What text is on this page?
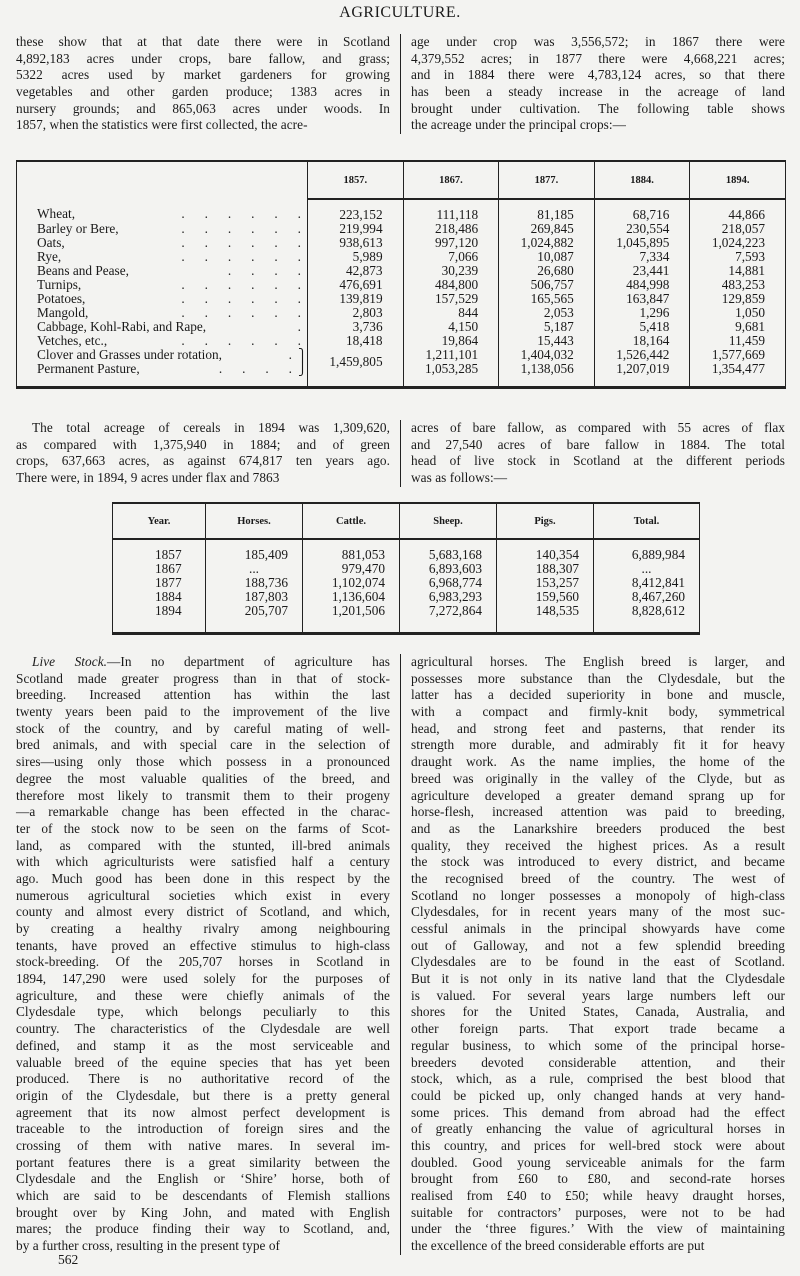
AGRICULTURE.
these show that at that date there were in Scotland
4,892,183 acres under crops, bare fallow, and grass;
5322 acres used by market gardeners for growing
vegetables and other garden produce; 1383 acres in
nursery grounds; and 865,063 acres under woods. In
1857, when the statistics were first collected, the acre-
age under crop was 3,556,572; in 1867 there were
4,379,552 acres; in 1877 there were 4,668,221 acres;
and in 1884 there were 4,783,124 acres, so that there
has been a steady increase in the acreage of land
brought under cultivation. The following table shows
the acreage under the principal crops:—
	1857.	1867.	1877.	1884.	1894.
Wheat, .      .      .      .      .      .	223,152	111,118	81,185	68,716	44,866
Barley or Bere, .      .      .      .      .      .	219,994	218,486	269,845	230,554	218,057
Oats, .      .      .      .      .      .	938,613	997,120	1,024,882	1,045,895	1,024,223
Rye, .      .      .      .      .      .	5,989	7,066	10,087	7,334	7,593
Beans and Pease, .      .      .      .	42,873	30,239	26,680	23,441	14,881
Turnips, .      .      .      .      .      .	476,691	484,800	506,757	484,998	483,253
Potatoes, .      .      .      .      .      .	139,819	157,529	165,565	163,847	129,859
Mangold, .      .      .      .      .      .	2,803	844	2,053	1,296	1,050
Cabbage, Kohl-Rabi, and Rape, .	3,736	4,150	5,187	5,418	9,681
Vetches, etc., .      .      .      .      .      .	18,418	19,864	15,443	18,164	11,459

⎫
Clover and Grasses under rotation, .	1,459,805	1,211,101	1,404,032	1,526,442	1,577,669

⎭
Permanent Pasture, .      .      .      .		1,053,285	1,138,056	1,207,019	1,354,477

The total acreage of cereals in 1894 was 1,309,620,
as compared with 1,375,940 in 1884; and of green
crops, 637,663 acres, as against 674,817 ten years ago.
There were, in 1894, 9 acres under flax and 7863
acres of bare fallow, as compared with 55 acres of flax
and 27,540 acres of bare fallow in 1884. The total
head of live stock in Scotland at the different periods
was as follows:—
Year.	Horses.	Cattle.	Sheep.	Pigs.	Total.
1857	185,409	881,053	5,683,168	140,354	6,889,984
1867	...	979,470	6,893,603	188,307	...
1877	188,736	1,102,074	6,968,774	153,257	8,412,841
1884	187,803	1,136,604	6,983,293	159,560	8,467,260
1894	205,707	1,201,506	7,272,864	148,535	8,828,612

Live Stock.—In no department of agriculture has
Scotland made greater progress than in that of stock-
breeding. Increased attention has within the last
twenty years been paid to the improvement of the live
stock of the country, and by careful mating of well-
bred animals, and with special care in the selection of
sires—using only those which possess in a pronounced
degree the most valuable qualities of the breed, and
therefore most likely to transmit them to their progeny
—a remarkable change has been effected in the charac-
ter of the stock now to be seen on the farms of Scot-
land, as compared with the stunted, ill-bred animals
with which agriculturists were satisfied half a century
ago. Much good has been done in this respect by the
numerous agricultural societies which exist in every
county and almost every district of Scotland, and which,
by creating a healthy rivalry among neighbouring
tenants, have proved an effective stimulus to high-class
stock-breeding. Of the 205,707 horses in Scotland in
1894, 147,290 were used solely for the purposes of
agriculture, and these were chiefly animals of the
Clydesdale type, which belongs peculiarly to this
country. The characteristics of the Clydesdale are well
defined, and stamp it as the most serviceable and
valuable breed of the equine species that has yet been
produced. There is no authoritative record of the
origin of the Clydesdale, but there is a pretty general
agreement that its now almost perfect development is
traceable to the introduction of foreign sires and the
crossing of them with native mares. In several im-
portant features there is a great similarity between the
Clydesdale and the English or ‘Shire’ horse, both of
which are said to be descendants of Flemish stallions
brought over by King John, and mated with English
mares; the produce finding their way to Scotland, and,
by a further cross, resulting in the present type of
agricultural horses. The English breed is larger, and
possesses more substance than the Clydesdale, but the
latter has a decided superiority in bone and muscle,
with a compact and firmly-knit body, symmetrical
head, and strong feet and pasterns, that render its
strength more durable, and admirably fit it for heavy
draught work. As the name implies, the home of the
breed was originally in the valley of the Clyde, but as
agriculture developed a greater demand sprang up for
horse-flesh, increased attention was paid to breeding,
and as the Lanarkshire breeders produced the best
quality, they received the highest prices. As a result
the stock was introduced to every district, and became
the recognised breed of the country. The west of
Scotland no longer possesses a monopoly of high-class
Clydesdales, for in recent years many of the most suc-
cessful animals in the principal showyards have come
out of Galloway, and not a few splendid breeding
Clydesdales are to be found in the east of Scotland.
But it is not only in its native land that the Clydesdale
is valued. For several years large numbers left our
shores for the United States, Canada, Australia, and
other foreign parts. That export trade became a
regular business, to which some of the principal horse-
breeders devoted considerable attention, and their
stock, which, as a rule, comprised the best blood that
could be picked up, only changed hands at very hand-
some prices. This demand from abroad had the effect
of greatly enhancing the value of agricultural horses in
this country, and prices for well-bred stock were about
doubled. Good young serviceable animals for the farm
brought from £60 to £80, and second-rate horses
realised from £40 to £50; while heavy draught horses,
suitable for contractors’ purposes, were not to be had
under the ‘three figures.’ With the view of maintaining
the excellence of the breed considerable efforts are put
562
